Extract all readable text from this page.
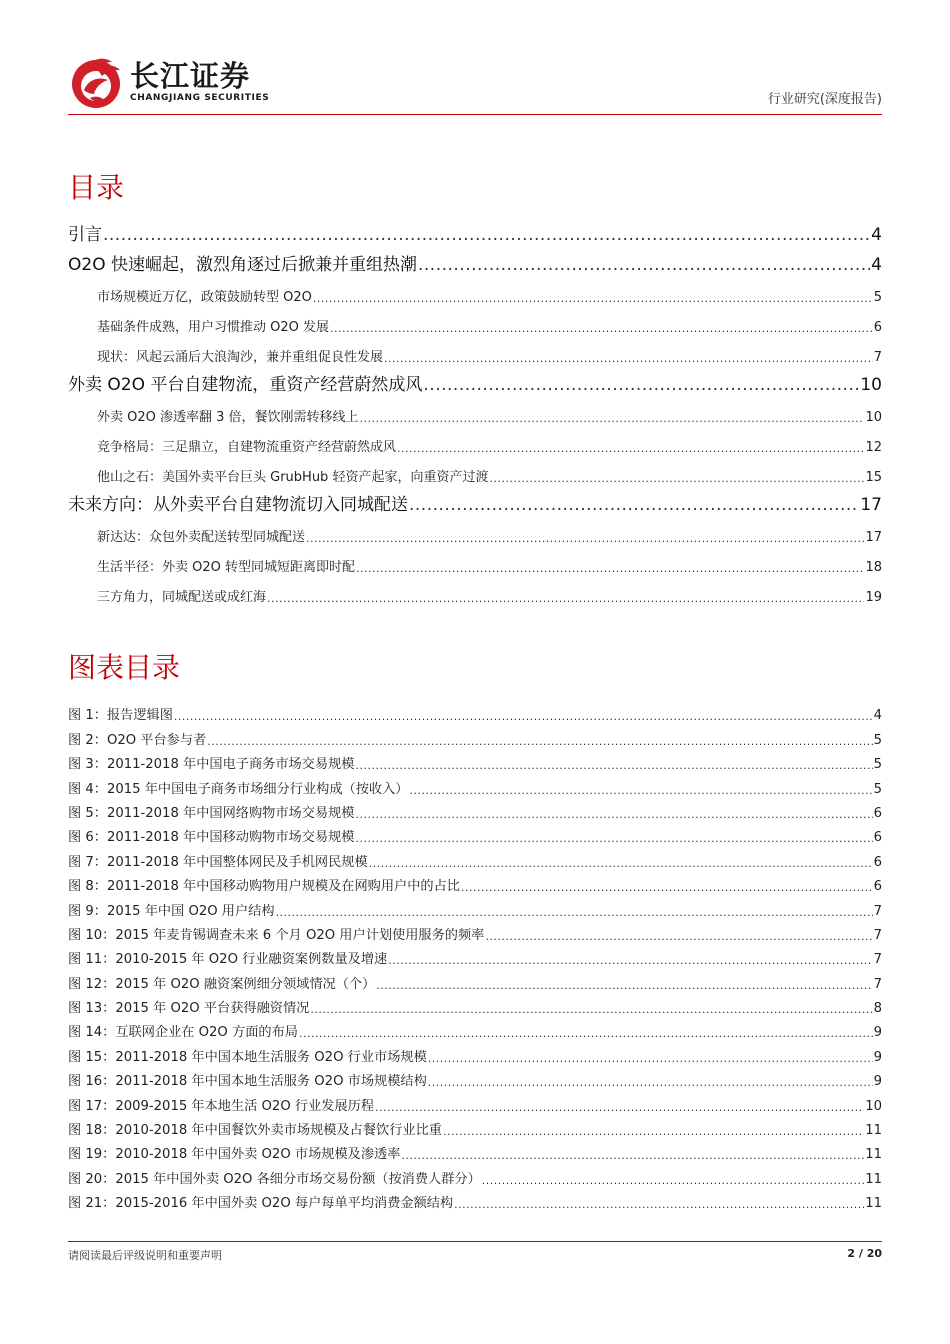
长江证券
CHANGJIANG SECURITIES	行业研究(深度报告)
目录
引言 .....	4
O2O 快速崛起，激烈角逐过后掀兼并重组热潮 .....	4
市场规模近万亿，政策鼓励转型 O2O .....	5
基础条件成熟，用户习惯推动 O2O 发展 .....	6
现状：风起云涌后大浪淘沙，兼并重组促良性发展 .....	7
外卖 O2O 平台自建物流，重资产经营蔚然成风 .....	10
外卖 O2O 渗透率翻 3 倍，餐饮刚需转移线上 .....	10
竞争格局：三足鼎立，自建物流重资产经营蔚然成风 .....	12
他山之石：美国外卖平台巨头 GrubHub 轻资产起家，向重资产过渡 .....	15
未来方向：从外卖平台自建物流切入同城配送 .....	17
新达达：众包外卖配送转型同城配送 .....	17
生活半径：外卖 O2O 转型同城短距离即时配 .....	18
三方角力，同城配送或成红海 .....	19
图表目录
图 1：报告逻辑图 .....	4
图 2：O2O 平台参与者 .....	5
图 3：2011-2018 年中国电子商务市场交易规模 .....	5
图 4：2015 年中国电子商务市场细分行业构成（按收入） .....	5
图 5：2011-2018 年中国网络购物市场交易规模 .....	6
图 6：2011-2018 年中国移动购物市场交易规模 .....	6
图 7：2011-2018 年中国整体网民及手机网民规模 .....	6
图 8：2011-2018 年中国移动购物用户规模及在网购用户中的占比 .....	6
图 9：2015 年中国 O2O 用户结构 .....	7
图 10：2015 年麦肯锡调查未来 6 个月 O2O 用户计划使用服务的频率 .....	7
图 11：2010-2015 年 O2O 行业融资案例数量及增速 .....	7
图 12：2015 年 O2O 融资案例细分领域情况（个） .....	7
图 13：2015 年 O2O 平台获得融资情况 .....	8
图 14：互联网企业在 O2O 方面的布局 .....	9
图 15：2011-2018 年中国本地生活服务 O2O 行业市场规模 .....	9
图 16：2011-2018 年中国本地生活服务 O2O 市场规模结构 .....	9
图 17：2009-2015 年本地生活 O2O 行业发展历程 .....	10
图 18：2010-2018 年中国餐饮外卖市场规模及占餐饮行业比重 .....	11
图 19：2010-2018 年中国外卖 O2O 市场规模及渗透率 .....	11
图 20：2015 年中国外卖 O2O 各细分市场交易份额（按消费人群分） .....	11
图 21：2015-2016 年中国外卖 O2O 每户每单平均消费金额结构 .....	11
请阅读最后评级说明和重要声明	2 / 20
